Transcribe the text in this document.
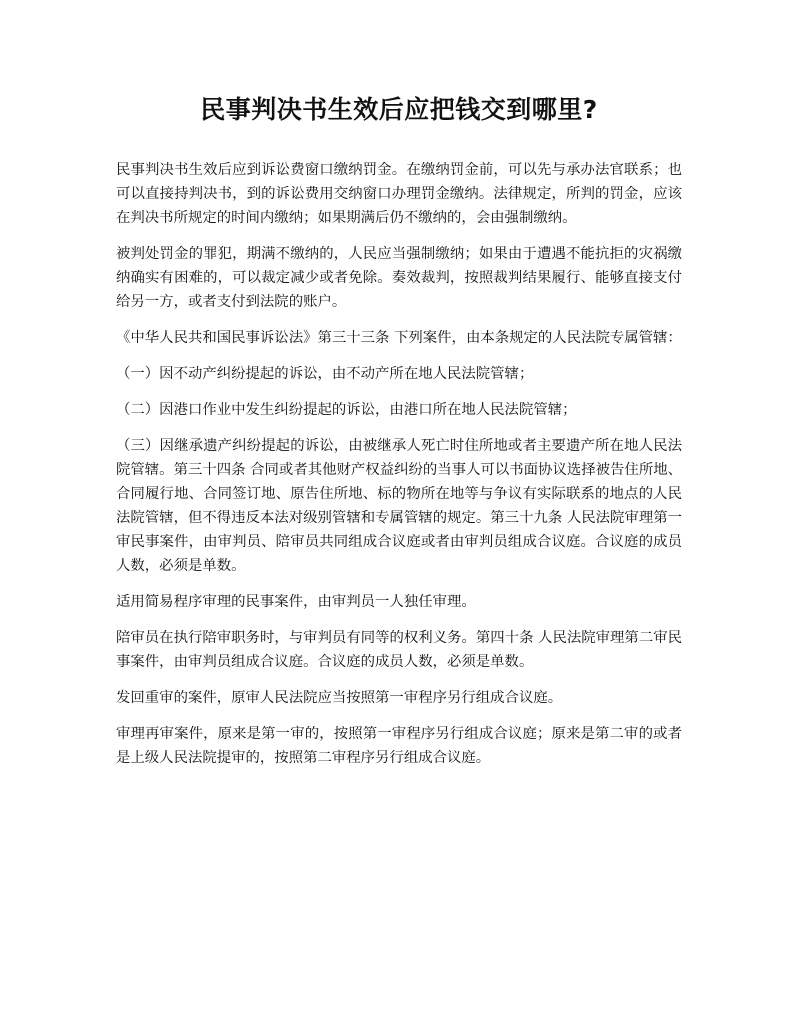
民事判决书生效后应把钱交到哪里?

民事判决书生效后应到诉讼费窗口缴纳罚金。在缴纳罚金前，可以先与承办法官联系；也可以直接持判决书，到的诉讼费用交纳窗口办理罚金缴纳。法律规定，所判的罚金，应该在判决书所规定的时间内缴纳；如果期满后仍不缴纳的，会由强制缴纳。

被判处罚金的罪犯，期满不缴纳的，人民应当强制缴纳；如果由于遭遇不能抗拒的灾祸缴纳确实有困难的，可以裁定减少或者免除。奏效裁判，按照裁判结果履行、能够直接支付给另一方，或者支付到法院的账户。

《中华人民共和国民事诉讼法》第三十三条 下列案件，由本条规定的人民法院专属管辖：

（一）因不动产纠纷提起的诉讼，由不动产所在地人民法院管辖；

（二）因港口作业中发生纠纷提起的诉讼，由港口所在地人民法院管辖；

（三）因继承遗产纠纷提起的诉讼，由被继承人死亡时住所地或者主要遗产所在地人民法院管辖。第三十四条 合同或者其他财产权益纠纷的当事人可以书面协议选择被告住所地、合同履行地、合同签订地、原告住所地、标的物所在地等与争议有实际联系的地点的人民法院管辖，但不得违反本法对级别管辖和专属管辖的规定。第三十九条 人民法院审理第一审民事案件，由审判员、陪审员共同组成合议庭或者由审判员组成合议庭。合议庭的成员人数，必须是单数。

适用简易程序审理的民事案件，由审判员一人独任审理。

陪审员在执行陪审职务时，与审判员有同等的权利义务。第四十条 人民法院审理第二审民事案件，由审判员组成合议庭。合议庭的成员人数，必须是单数。

发回重审的案件，原审人民法院应当按照第一审程序另行组成合议庭。

审理再审案件，原来是第一审的，按照第一审程序另行组成合议庭；原来是第二审的或者是上级人民法院提审的，按照第二审程序另行组成合议庭。
